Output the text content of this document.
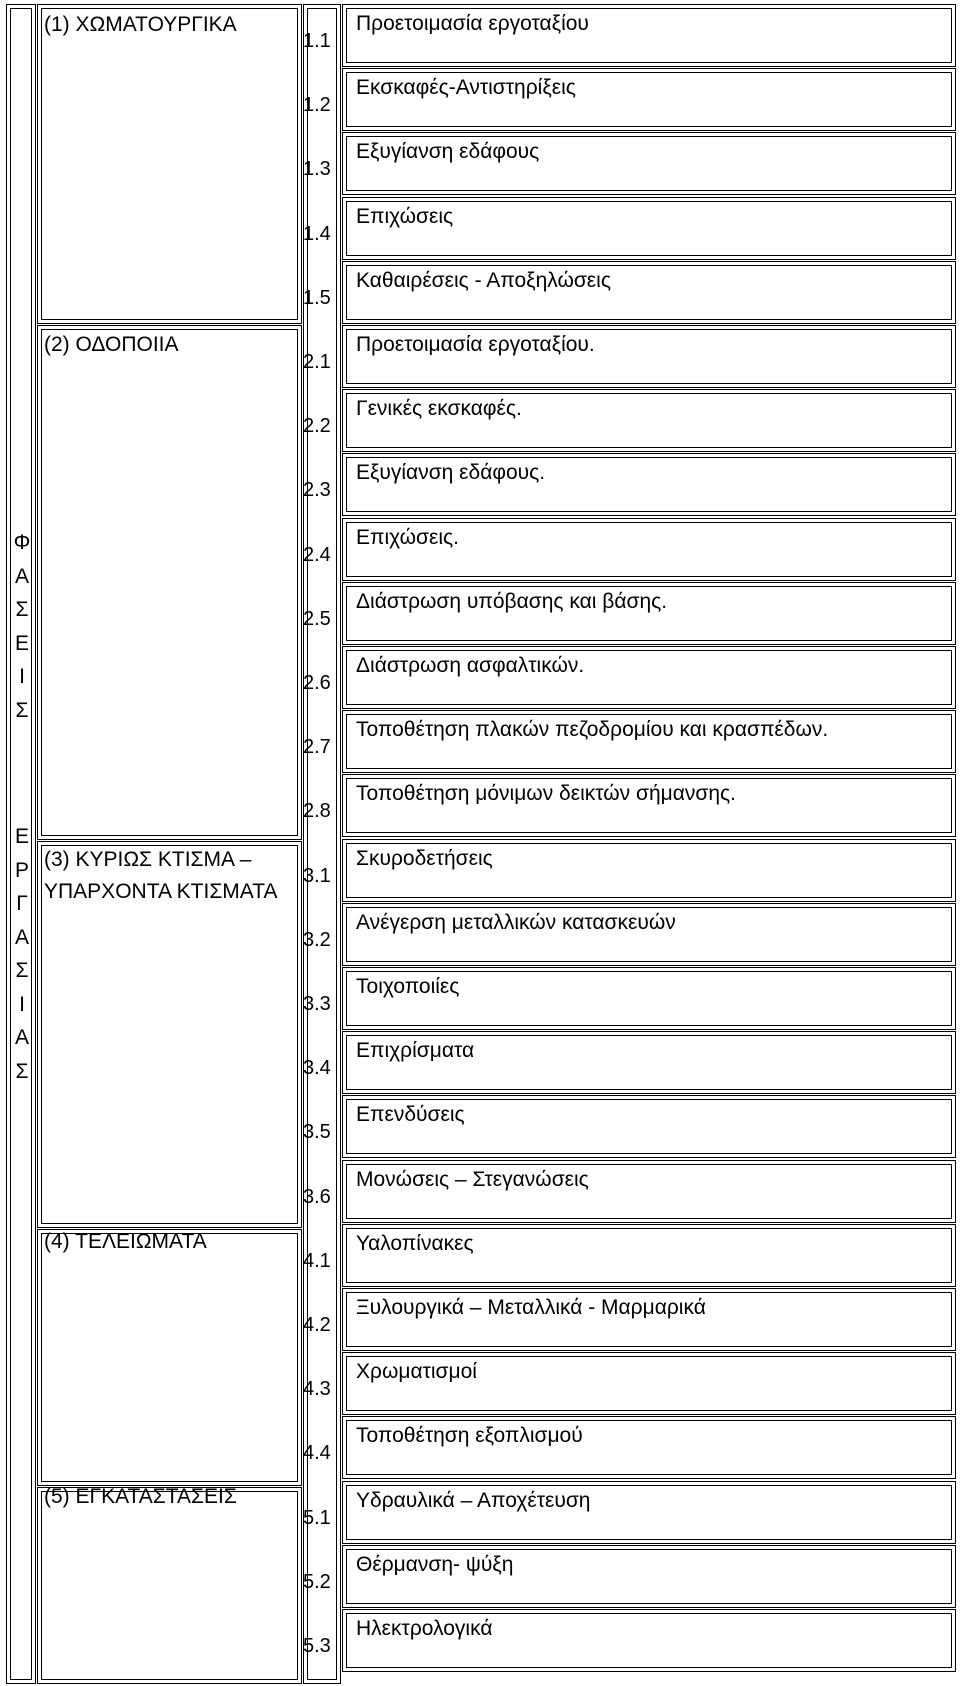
Φ
Α
Σ
Ε
Ι
Σ
Ε
Ρ
Γ
Α
Σ
Ι
Α
Σ
(1) ΧΩΜΑΤΟΥΡΓΙΚΑ
(2) ΟΔΟΠΟΙΙΑ
(3) ΚΥΡΙΩΣ ΚΤΙΣΜΑ –
ΥΠΑΡΧΟΝΤΑ ΚΤΙΣΜΑΤΑ
(4) ΤΕΛΕΙΩΜΑΤΑ
(5) ΕΓΚΑΤΑΣΤΑΣΕΙΣ
1.1
Προετοιμασία εργοταξίου
1.2
Εκσκαφές-Αντιστηρίξεις
1.3
Εξυγίανση εδάφους
1.4
Επιχώσεις
1.5
Καθαιρέσεις - Αποξηλώσεις
2.1
Προετοιμασία εργοταξίου.
2.2
Γενικές εκσκαφές.
2.3
Εξυγίανση εδάφους.
2.4
Επιχώσεις.
2.5
Διάστρωση υπόβασης και βάσης.
2.6
Διάστρωση ασφαλτικών.
2.7
Τοποθέτηση πλακών πεζοδρομίου και κρασπέδων.
2.8
Τοποθέτηση μόνιμων δεικτών σήμανσης.
3.1
Σκυροδετήσεις
3.2
Ανέγερση μεταλλικών κατασκευών
3.3
Τοιχοποιίες
3.4
Επιχρίσματα
3.5
Επενδύσεις
3.6
Μονώσεις – Στεγανώσεις
4.1
Υαλοπίνακες
4.2
Ξυλουργικά – Μεταλλικά - Μαρμαρικά
4.3
Χρωματισμοί
4.4
Τοποθέτηση εξοπλισμού
5.1
Υδραυλικά – Αποχέτευση
5.2
Θέρμανση- ψύξη
5.3
Ηλεκτρολογικά
